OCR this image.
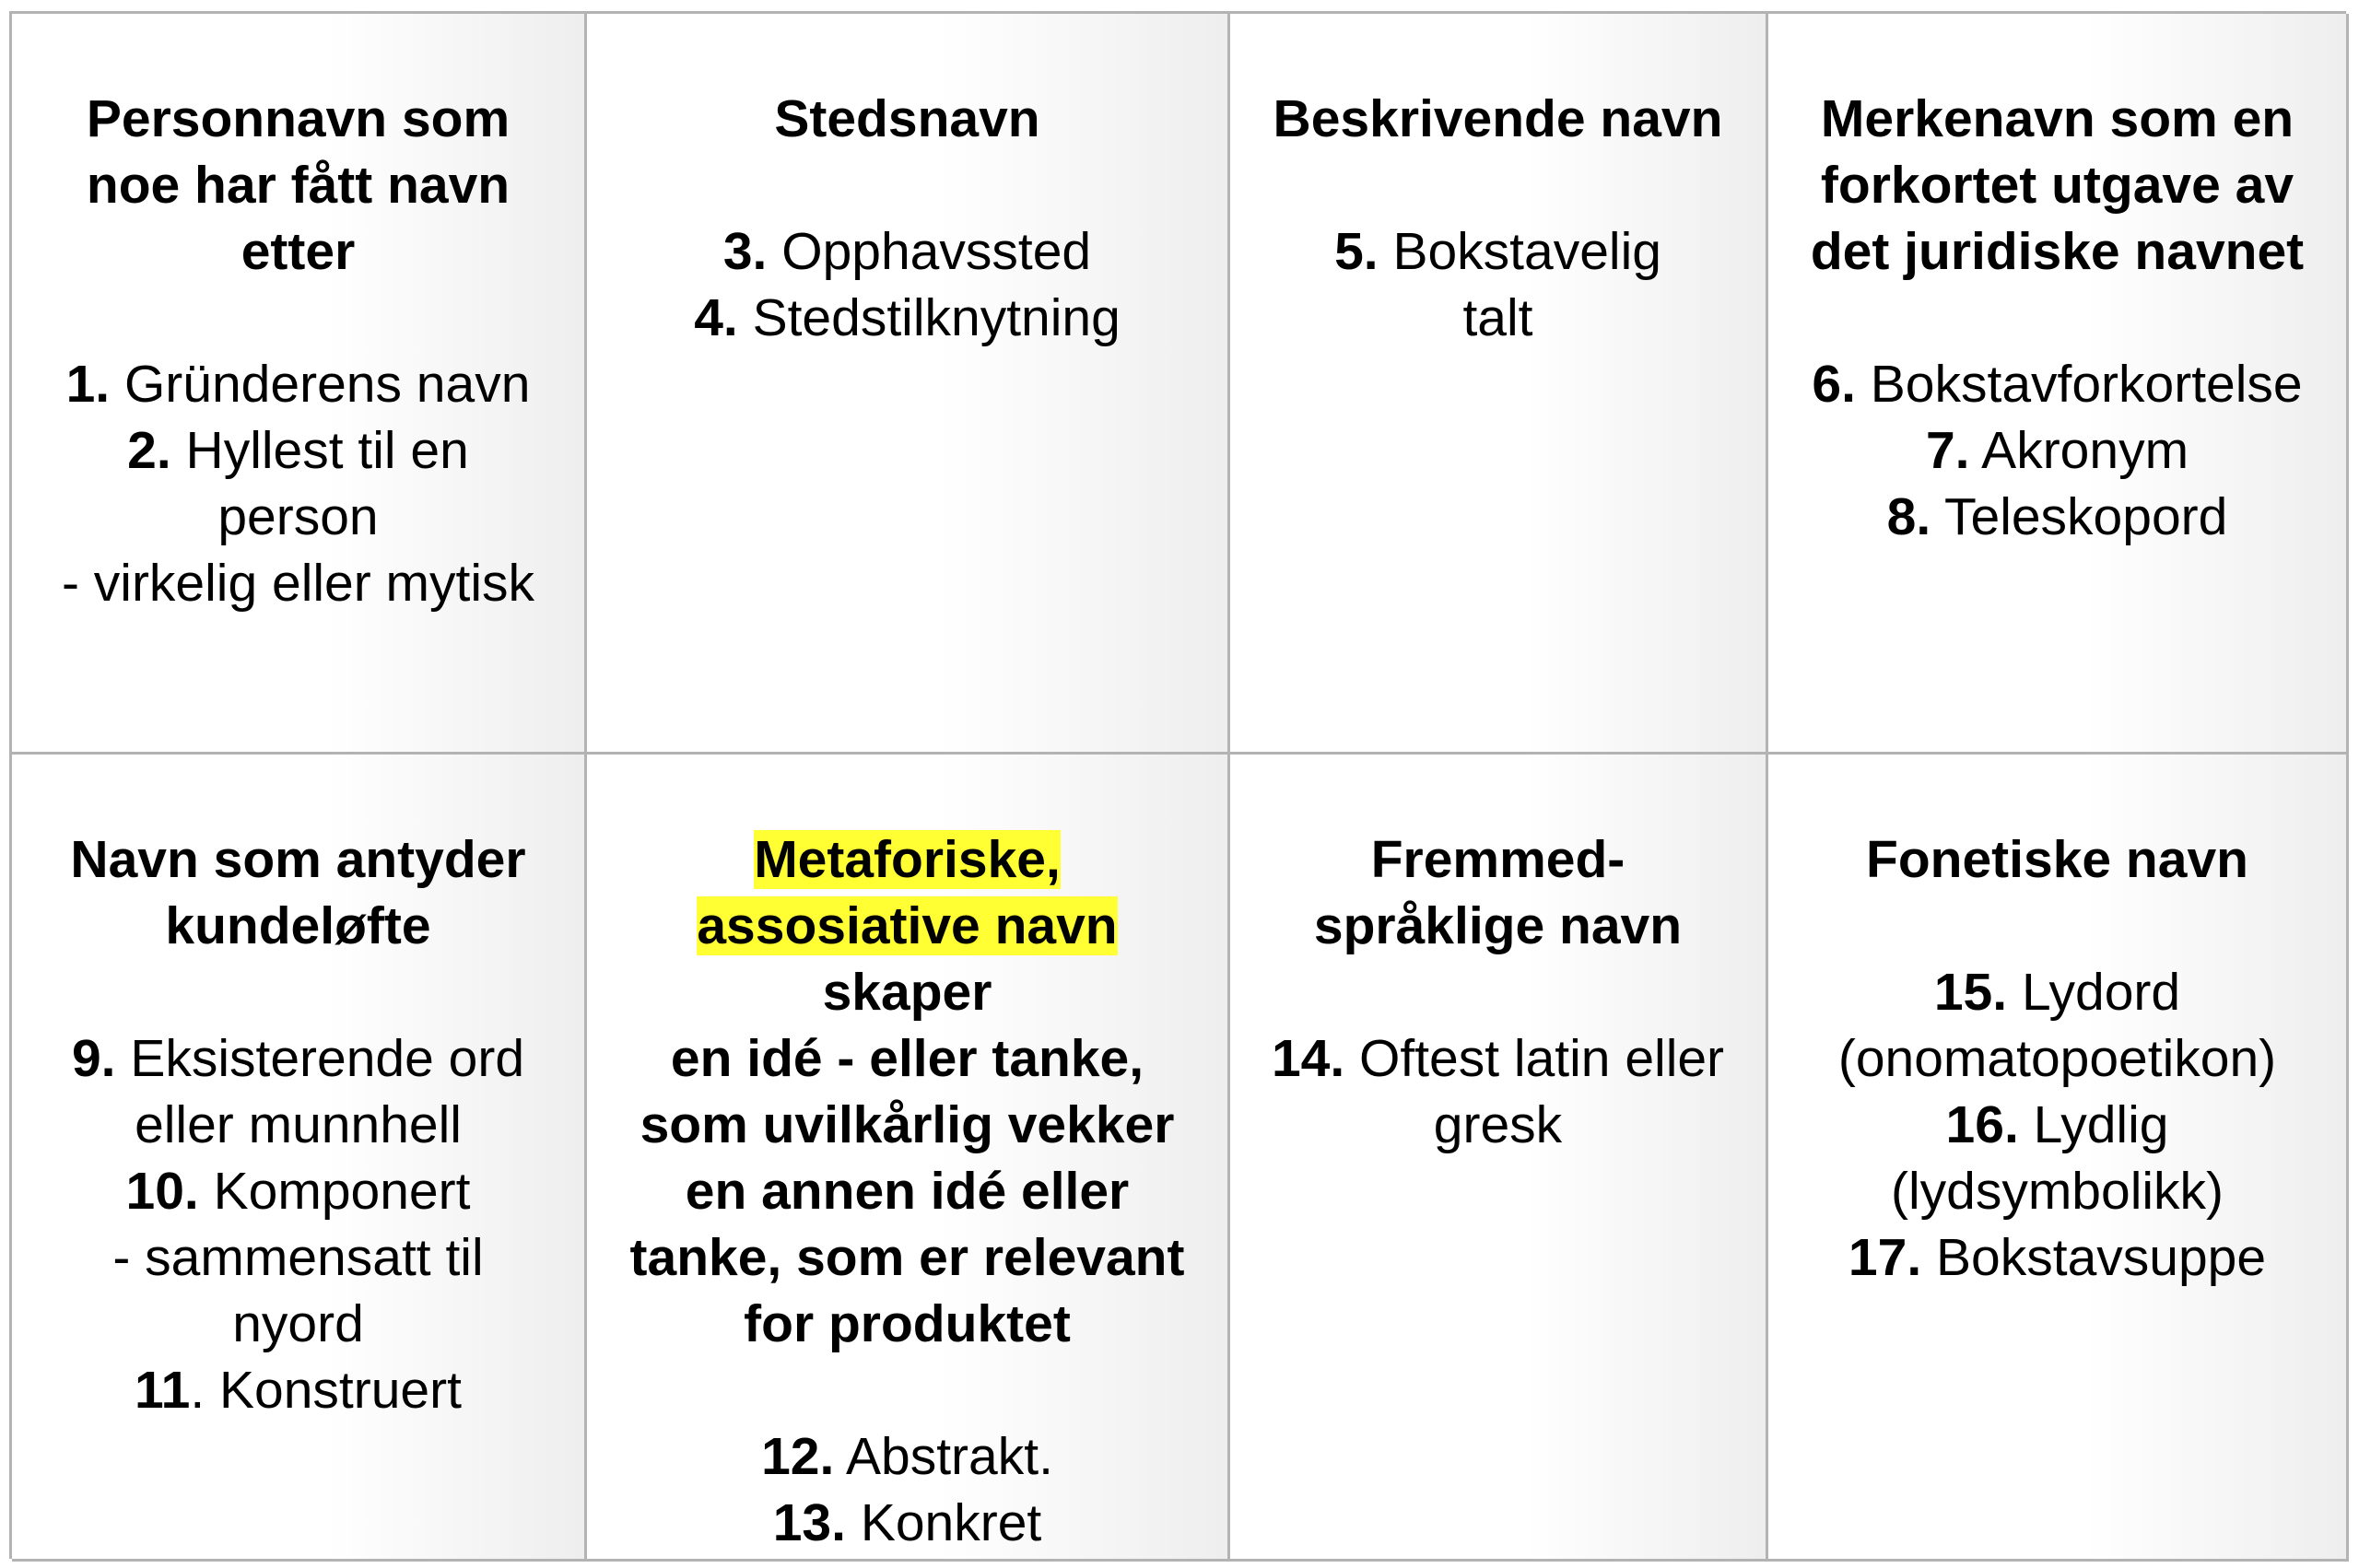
Personnavn som
noe har fått navn
etter
1. Gründerens navn
2. Hyllest til en
person
- virkelig eller mytisk
Stedsnavn
3. Opphavssted
4. Stedstilknytning
Beskrivende navn
5. Bokstavelig
talt
Merkenavn som en
forkortet utgave av
det juridiske navnet
6. Bokstavforkortelse
7. Akronym
8. Teleskopord
Navn som antyder
kundeløfte
9. Eksisterende ord
eller munnhell
10. Komponert
- sammensatt til
nyord
11. Konstruert
Metaforiske,
assosiative navn
skaper
en idé - eller tanke,
som uvilkårlig vekker
en annen idé eller
tanke, som er relevant
for produktet
12. Abstrakt.
13. Konkret
Fremmed-
språklige navn
14. Oftest latin eller
gresk
Fonetiske navn
15. Lydord
(onomatopoetikon)
16. Lydlig
(lydsymbolikk)
17. Bokstavsuppe
